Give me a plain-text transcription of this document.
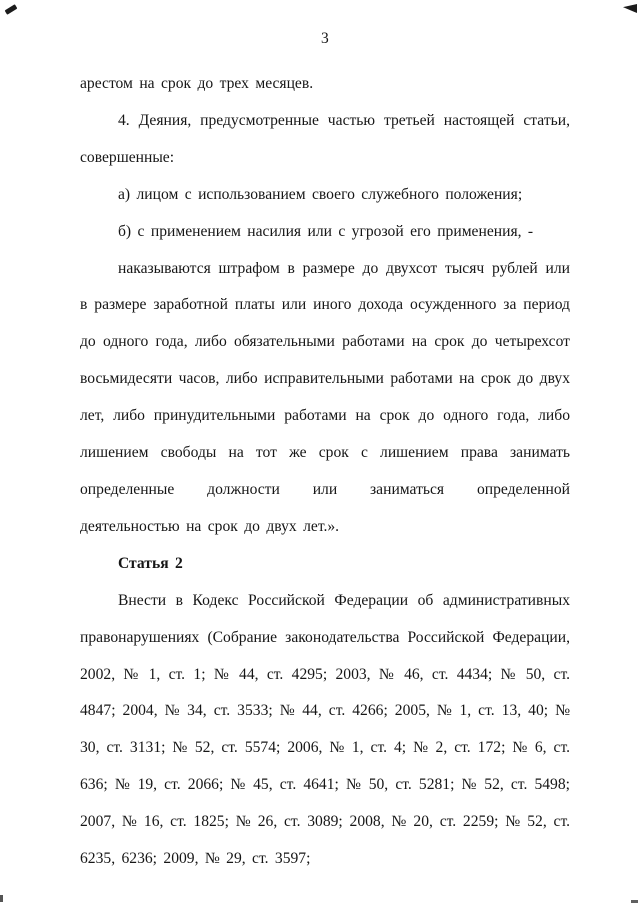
3

арестом на срок до трех месяцев.

4. Деяния, предусмотренные частью третьей настоящей статьи, совершенные:

а) лицом с использованием своего служебного положения;

б) с применением насилия или с угрозой его применения, -

наказываются штрафом в размере до двухсот тысяч рублей или в размере заработной платы или иного дохода осужденного за период до одного года, либо обязательными работами на срок до четырехсот восьмидесяти часов, либо исправительными работами на срок до двух лет, либо принудительными работами на срок до одного года, либо лишением свободы на тот же срок с лишением права занимать определенные должности или заниматься определенной деятельностью на срок до двух лет.».

Статья 2

Внести в Кодекс Российской Федерации об административных правонарушениях (Собрание законодательства Российской Федерации, 2002, № 1, ст. 1; № 44, ст. 4295; 2003, № 46, ст. 4434; № 50, ст. 4847; 2004, № 34, ст. 3533; № 44, ст. 4266; 2005, № 1, ст. 13, 40; № 30, ст. 3131; № 52, ст. 5574; 2006, № 1, ст. 4; № 2, ст. 172; № 6, ст. 636; № 19, ст. 2066; № 45, ст. 4641; № 50, ст. 5281; № 52, ст. 5498; 2007, № 16, ст. 1825; № 26, ст. 3089; 2008, № 20, ст. 2259; № 52, ст. 6235, 6236; 2009, № 29, ст. 3597;
